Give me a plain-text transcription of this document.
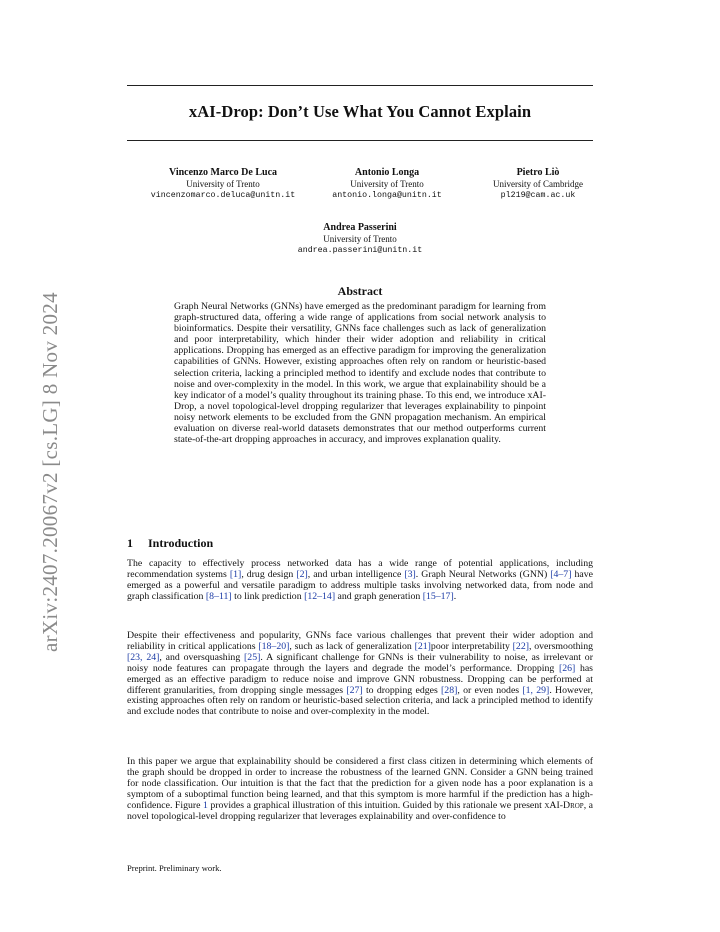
arXiv:2407.20067v2 [cs.LG] 8 Nov 2024
xAI-Drop: Don’t Use What You Cannot Explain
Vincenzo Marco De Luca
University of Trento
vincenzomarco.deluca@unitn.it
Antonio Longa
University of Trento
antonio.longa@unitn.it
Pietro Liò
University of Cambridge
pl219@cam.ac.uk
Andrea Passerini
University of Trento
andrea.passerini@unitn.it
Abstract

Graph Neural Networks (GNNs) have emerged as the predominant paradigm for learning from graph-structured data, offering a wide range of applications from social network analysis to bioinformatics. Despite their versatility, GNNs face challenges such as lack of generalization and poor interpretability, which hinder their wider adoption and reliability in critical applications. Dropping has emerged as an effective paradigm for improving the generalization capabilities of GNNs. However, existing approaches often rely on random or heuristic-based selection criteria, lacking a principled method to identify and exclude nodes that contribute to noise and over-complexity in the model. In this work, we argue that explainability should be a key indicator of a model’s quality throughout its training phase. To this end, we introduce xAI-Drop, a novel topological-level dropping regularizer that leverages explainability to pinpoint noisy network elements to be excluded from the GNN propagation mechanism. An empirical evaluation on diverse real-world datasets demonstrates that our method outperforms current state-of-the-art dropping approaches in accuracy, and improves explanation quality.

1 Introduction

The capacity to effectively process networked data has a wide range of potential applications, including recommendation systems [1], drug design [2], and urban intelligence [3]. Graph Neural Networks (GNN) [4–7] have emerged as a powerful and versatile paradigm to address multiple tasks involving networked data, from node and graph classification [8–11] to link prediction [12–14] and graph generation [15–17].

Despite their effectiveness and popularity, GNNs face various challenges that prevent their wider adoption and reliability in critical applications [18–20], such as lack of generalization [21]poor interpretability [22], oversmoothing [23, 24], and oversquashing [25]. A significant challenge for GNNs is their vulnerability to noise, as irrelevant or noisy node features can propagate through the layers and degrade the model’s performance. Dropping [26] has emerged as an effective paradigm to reduce noise and improve GNN robustness. Dropping can be performed at different granularities, from dropping single messages [27] to dropping edges [28], or even nodes [1, 29]. However, existing approaches often rely on random or heuristic-based selection criteria, and lack a principled method to identify and exclude nodes that contribute to noise and over-complexity in the model.

In this paper we argue that explainability should be considered a first class citizen in determining which elements of the graph should be dropped in order to increase the robustness of the learned GNN. Consider a GNN being trained for node classification. Our intuition is that the fact that the prediction for a given node has a poor explanation is a symptom of a suboptimal function being learned, and that this symptom is more harmful if the prediction has a high-confidence. Figure 1 provides a graphical illustration of this intuition. Guided by this rationale we present xAI-Drop, a novel topological-level dropping regularizer that leverages explainability and over-confidence to

Preprint. Preliminary work.
